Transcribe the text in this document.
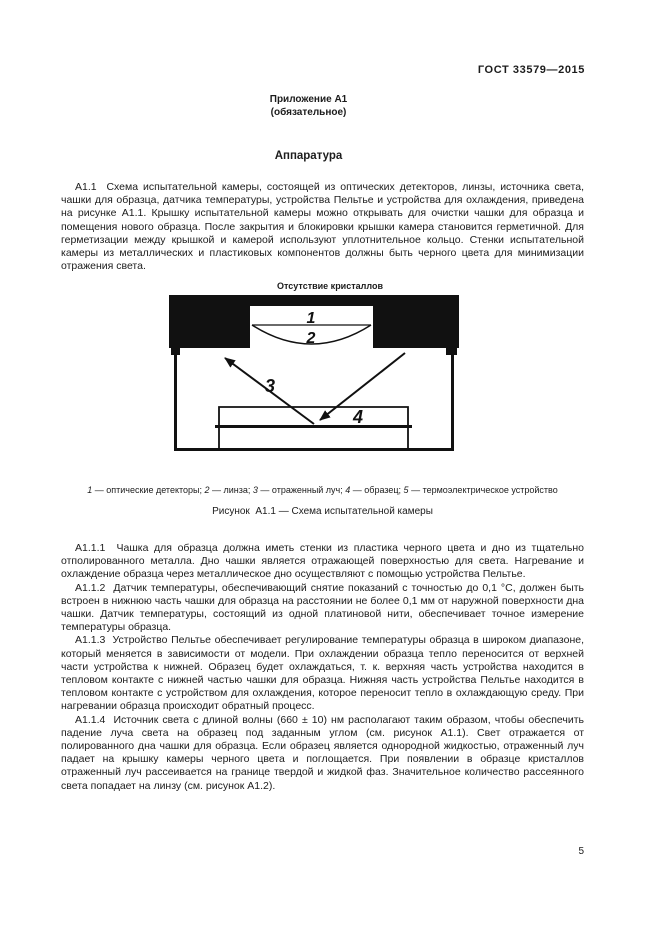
ГОСТ 33579—2015
Приложение А1
(обязательное)
Аппаратура

А1.1  Схема испытательной камеры, состоящей из оптических детекторов, линзы, источника света, чашки для образца, датчика температуры, устройства Пельтье и устройства для охлаждения, приведена на рисунке А1.1. Крышку испытательной камеры можно открывать для очистки чашки для образца и помещения нового образца. После закрытия и блокировки крышки камера становится герметичной. Для герметизации между крышкой и камерой используют уплотнительное кольцо. Стенки испытательной камеры из металлических и пластиковых компонентов должны быть черного цвета для минимизации отражения света.

Отсутствие кристаллов
1
2
3
4
1 — оптические детекторы; 2 — линза; 3 — отраженный луч; 4 — образец; 5 — термоэлектрическое устройство
Рисунок  А1.1 — Схема испытательной камеры

А1.1.1  Чашка для образца должна иметь стенки из пластика черного цвета и дно из тщательно отполированного металла. Дно чашки является отражающей поверхностью для света. Нагревание и охлаждение образца через металлическое дно осуществляют с помощью устройства Пельтье.

А1.1.2  Датчик температуры, обеспечивающий снятие показаний с точностью до 0,1 °С, должен быть встроен в нижнюю часть чашки для образца на расстоянии не более 0,1 мм от наружной поверхности дна чашки. Датчик температуры, состоящий из одной платиновой нити, обеспечивает точное измерение температуры образца.

А1.1.3  Устройство Пельтье обеспечивает регулирование температуры образца в широком диапазоне, который меняется в зависимости от модели. При охлаждении образца тепло переносится от верхней части устройства к нижней. Образец будет охлаждаться, т. к. верхняя часть устройства находится в тепловом контакте с нижней частью чашки для образца. Нижняя часть устройства Пельтье находится в тепловом контакте с устройством для охлаждения, которое переносит тепло в охлаждающую среду. При нагревании образца происходит обратный процесс.

А1.1.4  Источник света с длиной волны (660 ± 10) нм располагают таким образом, чтобы обеспечить падение луча света на образец под заданным углом (см. рисунок А1.1). Свет отражается от полированного дна чашки для образца. Если образец является однородной жидкостью, отраженный луч падает на крышку камеры черного цвета и поглощается. При появлении в образце кристаллов отраженный луч рассеивается на границе твердой и жидкой фаз. Значительное количество рассеянного света попадает на линзу (см. рисунок А1.2).

5
